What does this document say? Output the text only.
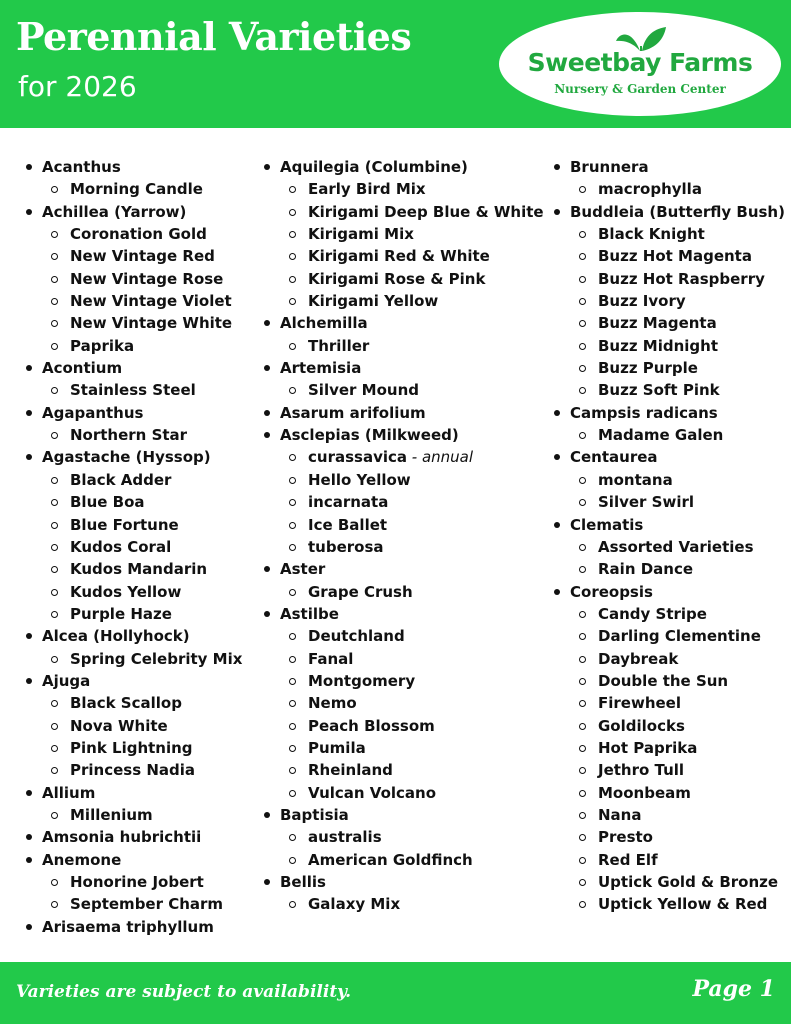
Perennial Varieties
for 2026
Sweetbay Farms
Nursery & Garden Center
Acanthus
Morning Candle
Achillea (Yarrow)
Coronation Gold
New Vintage Red
New Vintage Rose
New Vintage Violet
New Vintage White
Paprika
Acontium
Stainless Steel
Agapanthus
Northern Star
Agastache (Hyssop)
Black Adder
Blue Boa
Blue Fortune
Kudos Coral
Kudos Mandarin
Kudos Yellow
Purple Haze
Alcea (Hollyhock)
Spring Celebrity Mix
Ajuga
Black Scallop
Nova White
Pink Lightning
Princess Nadia
Allium
Millenium
Amsonia hubrichtii
Anemone
Honorine Jobert
September Charm
Arisaema triphyllum
Aquilegia (Columbine)
Early Bird Mix
Kirigami Deep Blue & White
Kirigami Mix
Kirigami Red & White
Kirigami Rose & Pink
Kirigami Yellow
Alchemilla
Thriller
Artemisia
Silver Mound
Asarum arifolium
Asclepias (Milkweed)
curassavica - annual
Hello Yellow
incarnata
Ice Ballet
tuberosa
Aster
Grape Crush
Astilbe
Deutchland
Fanal
Montgomery
Nemo
Peach Blossom
Pumila
Rheinland
Vulcan Volcano
Baptisia
australis
American Goldfinch
Bellis
Galaxy Mix
Brunnera
macrophylla
Buddleia (Butterfly Bush)
Black Knight
Buzz Hot Magenta
Buzz Hot Raspberry
Buzz Ivory
Buzz Magenta
Buzz Midnight
Buzz Purple
Buzz Soft Pink
Campsis radicans
Madame Galen
Centaurea
montana
Silver Swirl
Clematis
Assorted Varieties
Rain Dance
Coreopsis
Candy Stripe
Darling Clementine
Daybreak
Double the Sun
Firewheel
Goldilocks
Hot Paprika
Jethro Tull
Moonbeam
Nana
Presto
Red Elf
Uptick Gold & Bronze
Uptick Yellow & Red
Varieties are subject to availability.	Page 1
